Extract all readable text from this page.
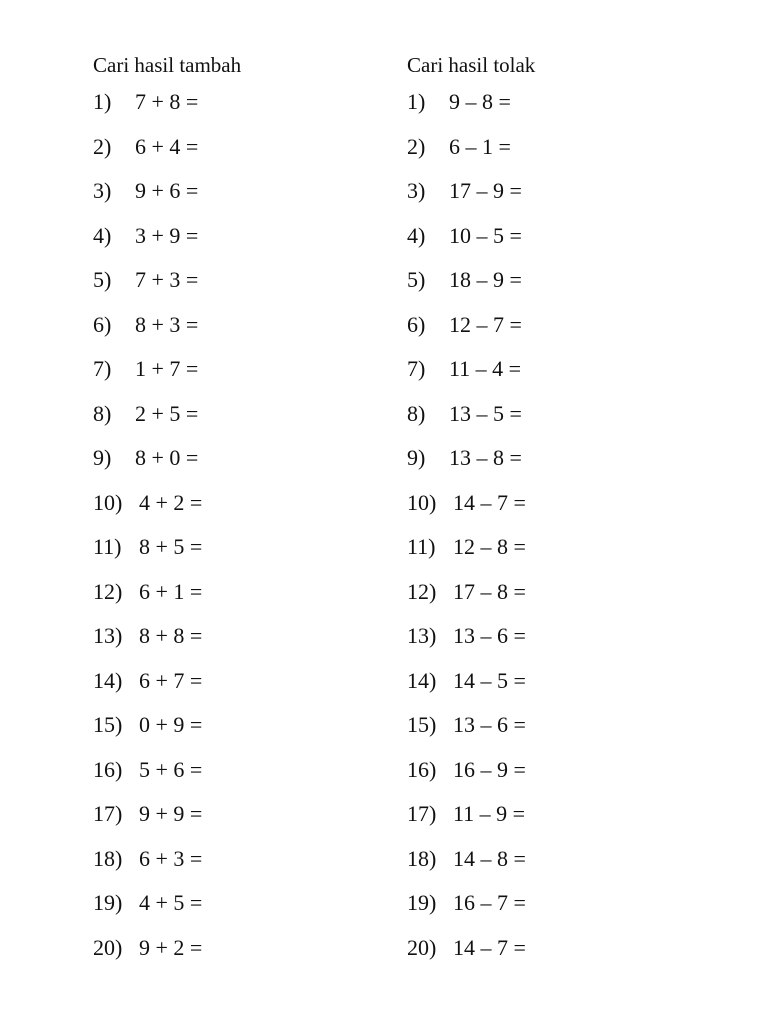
Cari hasil tambah
1)	7 + 8 =
2)	6 + 4 =
3)	9 + 6 =
4)	3 + 9 =
5)	7 + 3 =
6)	8 + 3 =
7)	1 + 7 =
8)	2 + 5 =
9)	8 + 0 =
10) 4 + 2 =
11) 8 + 5 =
12) 6 + 1 =
13) 8 + 8 =
14) 6 + 7 =
15) 0 + 9 =
16) 5 + 6 =
17) 9 + 9 =
18) 6 + 3 =
19) 4 + 5 =
20) 9 + 2 =
Cari hasil tolak
1)	9 – 8 =
2)	6 – 1 =
3)	17 – 9 =
4)	10 – 5 =
5)	18 – 9 =
6)	12 – 7 =
7)	11 – 4 =
8)	13 – 5 =
9)	13 – 8 =
10) 14 – 7 =
11) 12 – 8 =
12) 17 – 8 =
13) 13 – 6 =
14) 14 – 5 =
15) 13 – 6 =
16) 16 – 9 =
17) 11 – 9 =
18) 14 – 8 =
19) 16 – 7 =
20) 14 – 7 =
